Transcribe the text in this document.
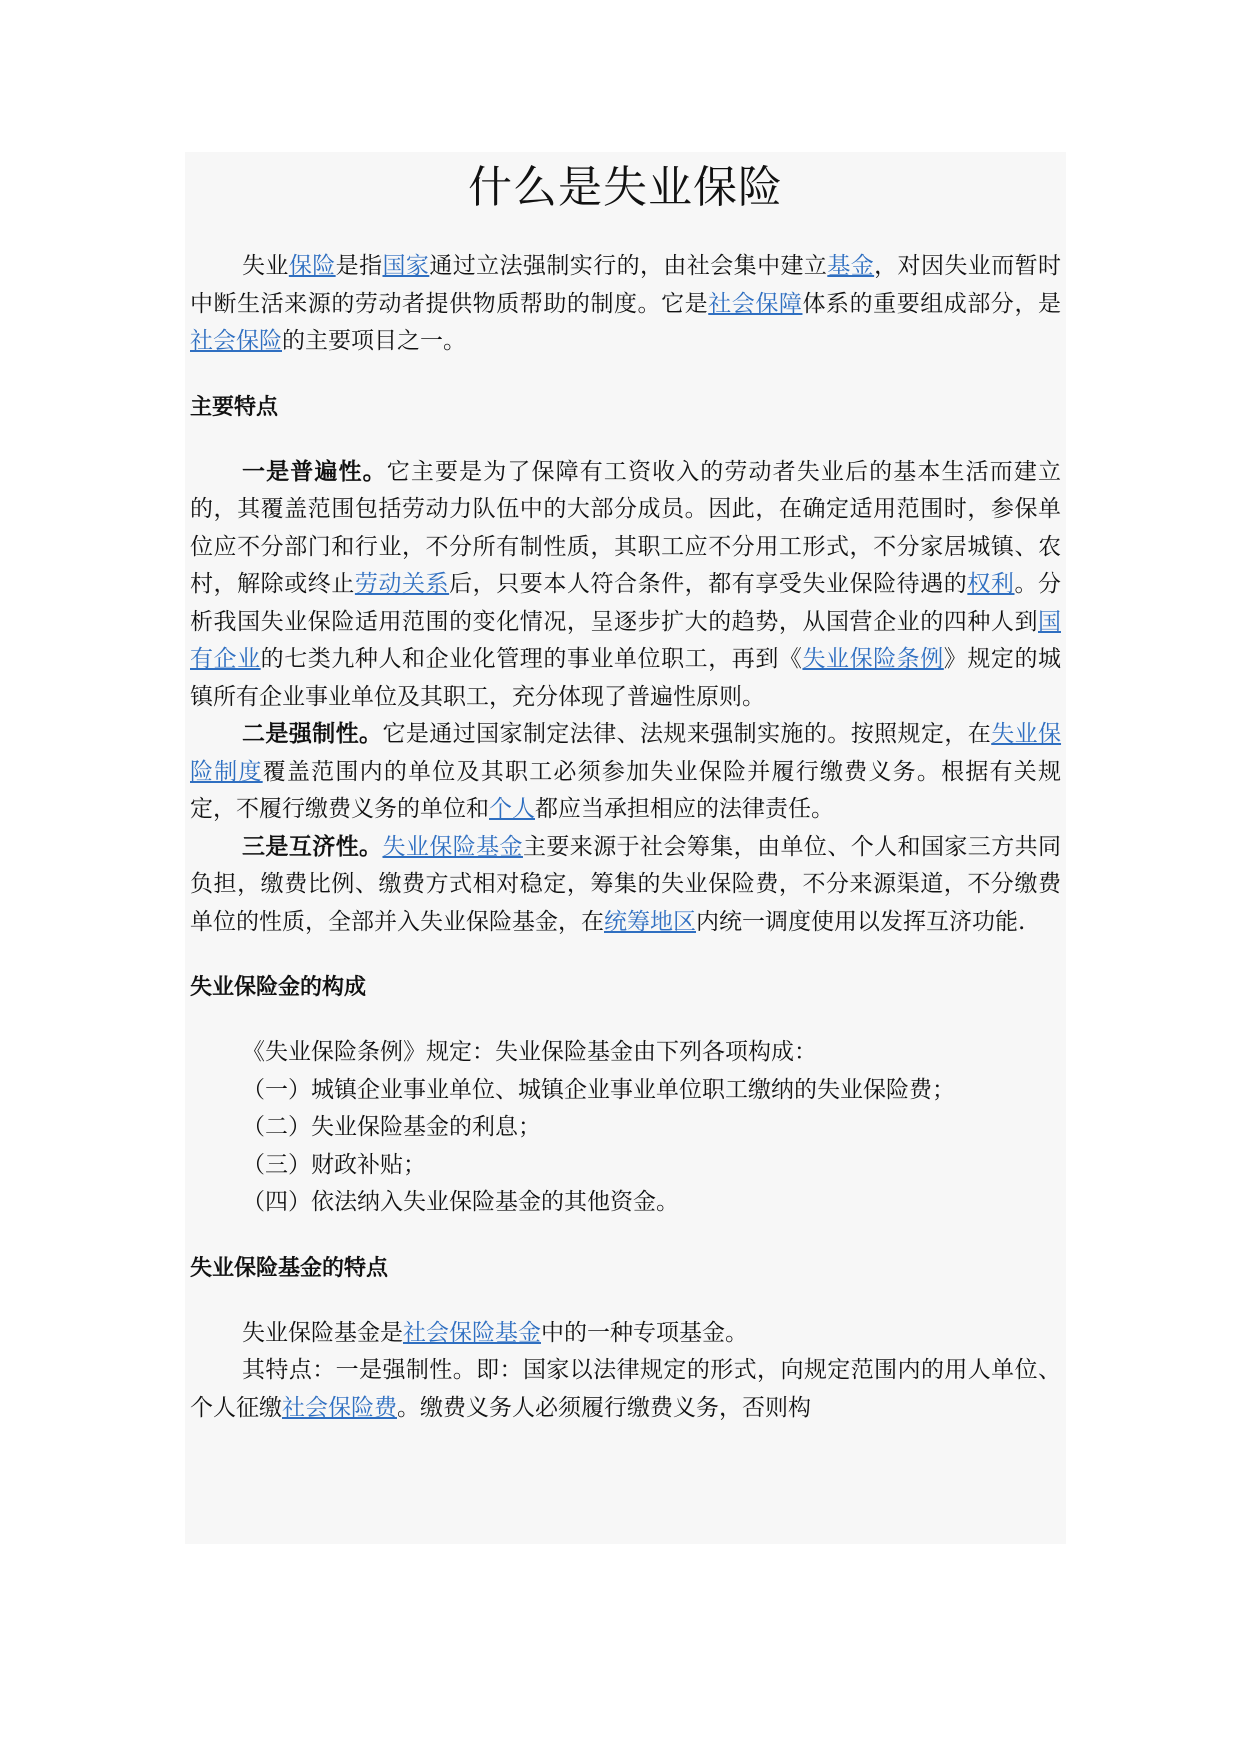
什么是失业保险

失业保险是指国家通过立法强制实行的，由社会集中建立基金，对因失业而暂时中断生活来源的劳动者提供物质帮助的制度。它是社会保障体系的重要组成部分，是社会保险的主要项目之一。

主要特点

一是普遍性。它主要是为了保障有工资收入的劳动者失业后的基本生活而建立的，其覆盖范围包括劳动力队伍中的大部分成员。因此，在确定适用范围时，参保单位应不分部门和行业，不分所有制性质，其职工应不分用工形式，不分家居城镇、农村，解除或终止劳动关系后，只要本人符合条件，都有享受失业保险待遇的权利。分析我国失业保险适用范围的变化情况，呈逐步扩大的趋势，从国营企业的四种人到国有企业的七类九种人和企业化管理的事业单位职工，再到《失业保险条例》规定的城镇所有企业事业单位及其职工，充分体现了普遍性原则。

二是强制性。它是通过国家制定法律、法规来强制实施的。按照规定，在失业保险制度覆盖范围内的单位及其职工必须参加失业保险并履行缴费义务。根据有关规定，不履行缴费义务的单位和个人都应当承担相应的法律责任。

三是互济性。失业保险基金主要来源于社会筹集，由单位、个人和国家三方共同负担，缴费比例、缴费方式相对稳定，筹集的失业保险费，不分来源渠道，不分缴费单位的性质，全部并入失业保险基金，在统筹地区内统一调度使用以发挥互济功能.

失业保险金的构成

《失业保险条例》规定：失业保险基金由下列各项构成：

（一）城镇企业事业单位、城镇企业事业单位职工缴纳的失业保险费；

（二）失业保险基金的利息；

（三）财政补贴；

（四）依法纳入失业保险基金的其他资金。

失业保险基金的特点

失业保险基金是社会保险基金中的一种专项基金。

其特点：一是强制性。即：国家以法律规定的形式，向规定范围内的用人单位、个人征缴社会保险费。缴费义务人必须履行缴费义务，否则构
